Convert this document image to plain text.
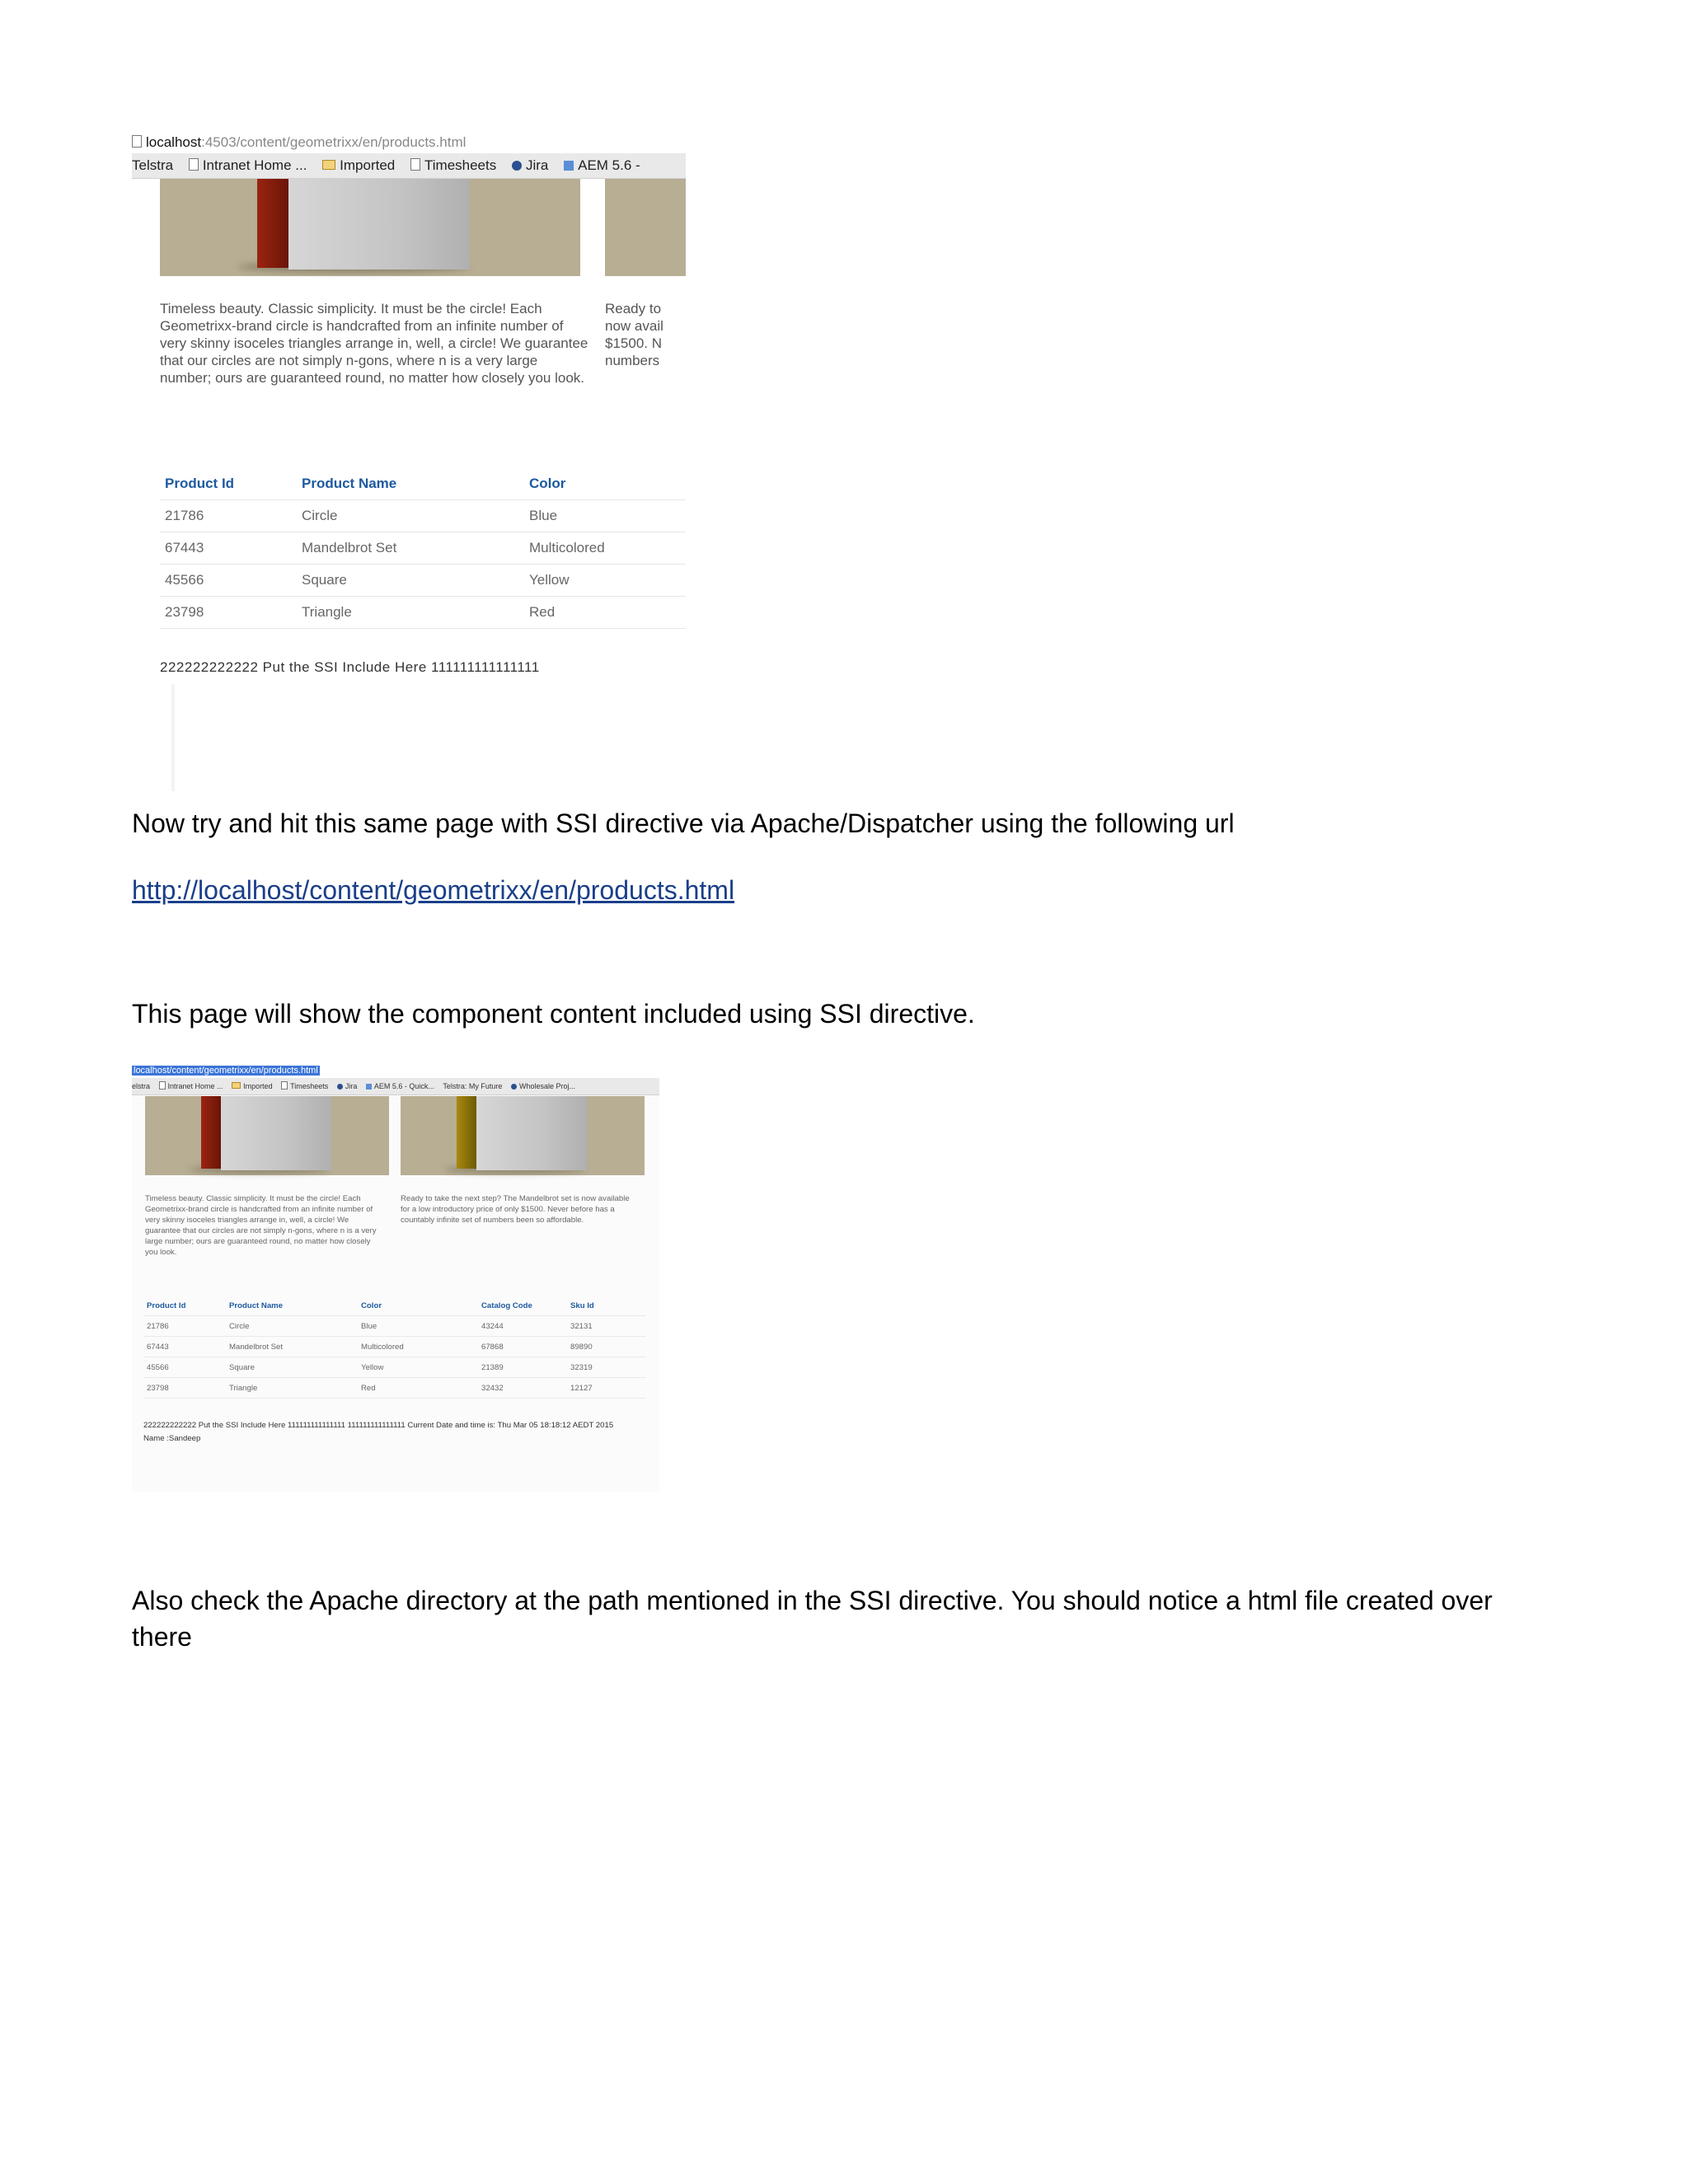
localhost:4503/content/geometrixx/en/products.html
Telstra Intranet Home ... Imported Timesheets Jira AEM 5.6 -

Timeless beauty. Classic simplicity. It must be the circle! Each Geometrixx-brand circle is handcrafted from an infinite number of very skinny isoceles triangles arrange in, well, a circle! We guarantee that our circles are not simply n-gons, where n is a very large number; ours are guaranteed round, no matter how closely you look.

Ready to
now avail
$1500. N
numbers
Product Id	Product Name	Color
21786	Circle	Blue
67443	Mandelbrot Set	Multicolored
45566	Square	Yellow
23798	Triangle	Red

222222222222 Put the SSI Include Here 111111111111111

Now try and hit this same page with SSI directive via Apache/Dispatcher using the following url

http://localhost/content/geometrixx/en/products.html

This page will show the component content included using SSI directive.

localhost/content/geometrixx/en/products.html
elstra Intranet Home ...	Imported Timesheets Jira AEM 5.6 - Quick... Telstra: My Future Wholesale Proj...

Timeless beauty. Classic simplicity. It must be the circle! Each Geometrixx-brand circle is handcrafted from an infinite number of very skinny isoceles triangles arrange in, well, a circle! We guarantee that our circles are not simply n-gons, where n is a very large number; ours are guaranteed round, no matter how closely you look.

Ready to take the next step? The Mandelbrot set is now available for a low introductory price of only $1500. Never before has a countably infinite set of numbers been so affordable.

Product Id	Product Name	Color	Catalog Code	Sku Id
21786	Circle	Blue	43244	32131
67443	Mandelbrot Set	Multicolored	67868	89890
45566	Square	Yellow	21389	32319
23798	Triangle	Red	32432	12127
222222222222 Put the SSI Include Here 111111111111111 111111111111111 Current Date and time is: Thu Mar 05 18:18:12 AEDT 2015
Name :Sandeep

Also check the Apache directory at the path mentioned in the SSI directive. You should notice a html file created over there
